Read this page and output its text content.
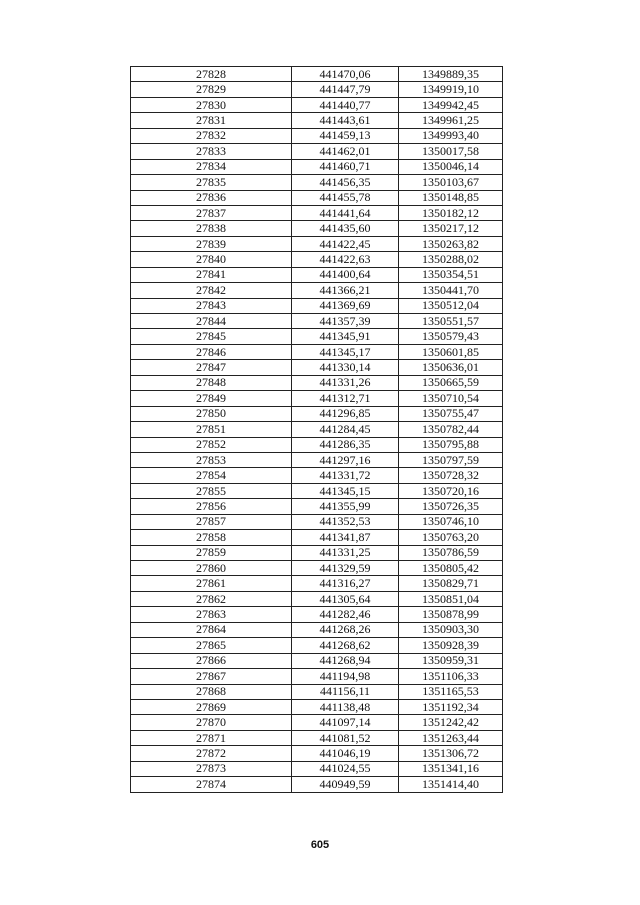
27828	441470,06	1349889,35
27829	441447,79	1349919,10
27830	441440,77	1349942,45
27831	441443,61	1349961,25
27832	441459,13	1349993,40
27833	441462,01	1350017,58
27834	441460,71	1350046,14
27835	441456,35	1350103,67
27836	441455,78	1350148,85
27837	441441,64	1350182,12
27838	441435,60	1350217,12
27839	441422,45	1350263,82
27840	441422,63	1350288,02
27841	441400,64	1350354,51
27842	441366,21	1350441,70
27843	441369,69	1350512,04
27844	441357,39	1350551,57
27845	441345,91	1350579,43
27846	441345,17	1350601,85
27847	441330,14	1350636,01
27848	441331,26	1350665,59
27849	441312,71	1350710,54
27850	441296,85	1350755,47
27851	441284,45	1350782,44
27852	441286,35	1350795,88
27853	441297,16	1350797,59
27854	441331,72	1350728,32
27855	441345,15	1350720,16
27856	441355,99	1350726,35
27857	441352,53	1350746,10
27858	441341,87	1350763,20
27859	441331,25	1350786,59
27860	441329,59	1350805,42
27861	441316,27	1350829,71
27862	441305,64	1350851,04
27863	441282,46	1350878,99
27864	441268,26	1350903,30
27865	441268,62	1350928,39
27866	441268,94	1350959,31
27867	441194,98	1351106,33
27868	441156,11	1351165,53
27869	441138,48	1351192,34
27870	441097,14	1351242,42
27871	441081,52	1351263,44
27872	441046,19	1351306,72
27873	441024,55	1351341,16
27874	440949,59	1351414,40
605
